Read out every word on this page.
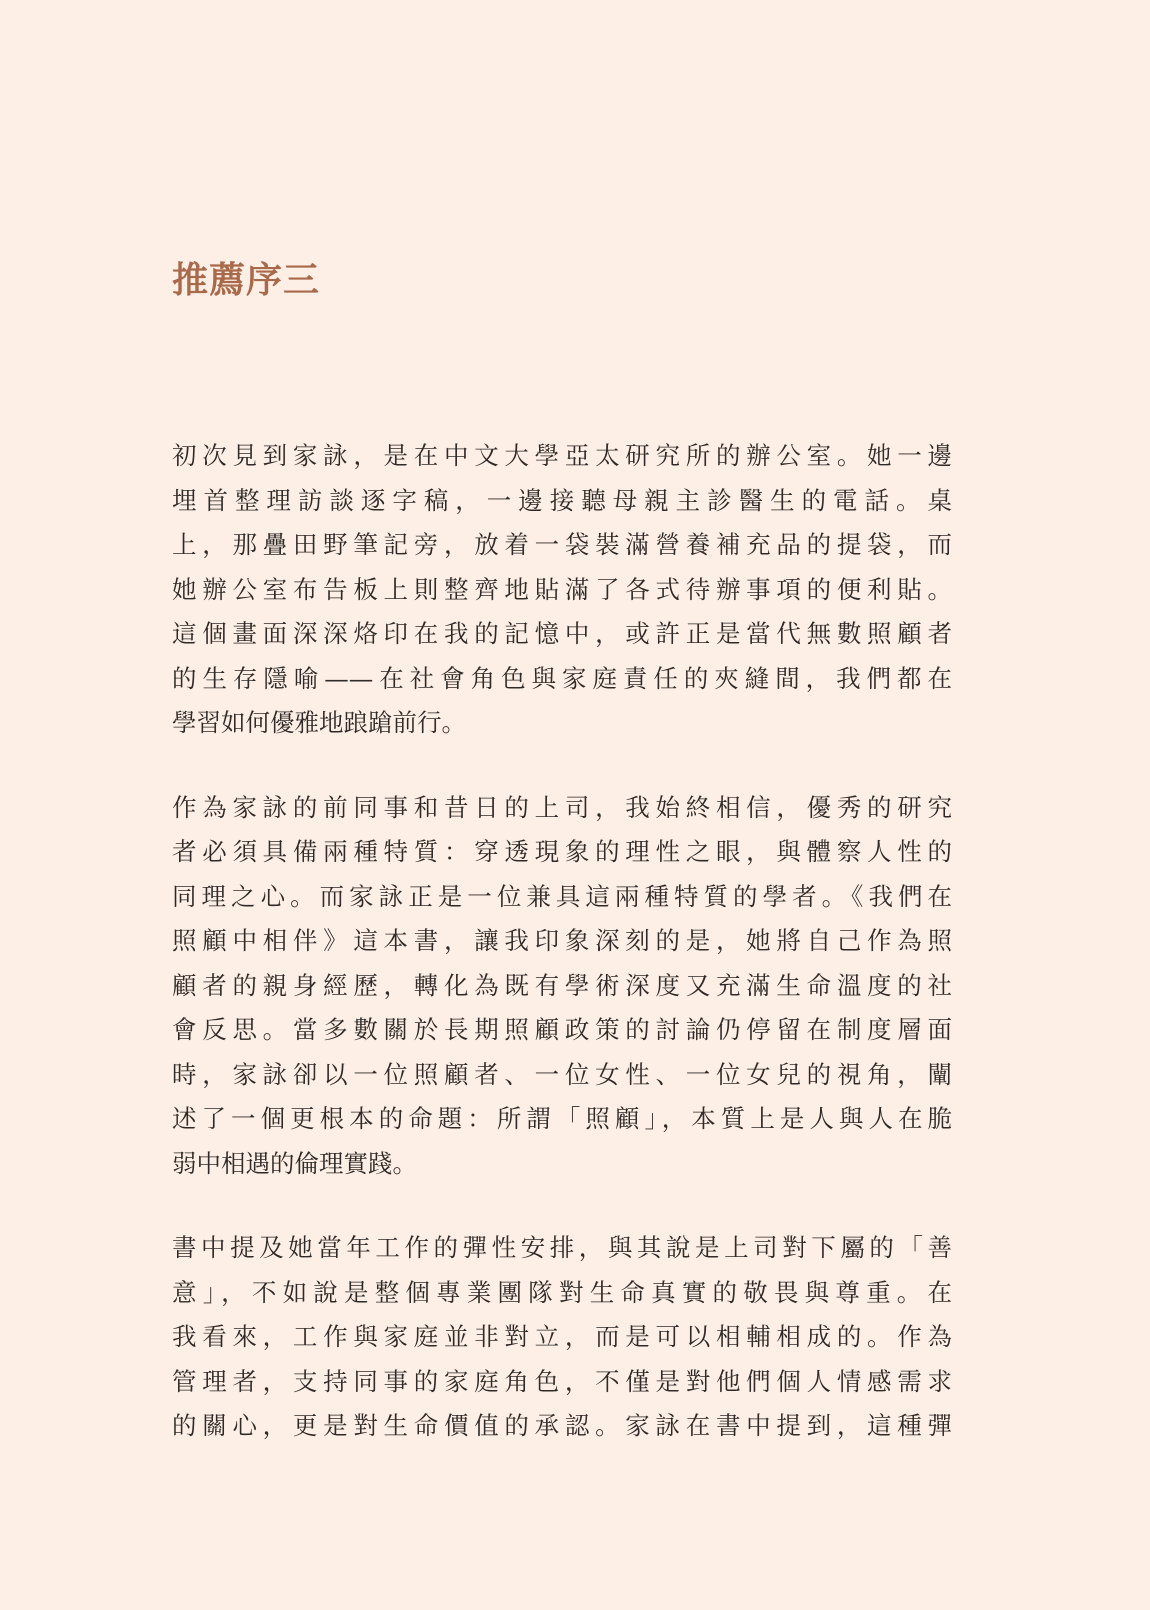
推薦序三

初次見到家詠，是在中文大學亞太研究所的辦公室。她一邊
埋首整理訪談逐字稿，一邊接聽母親主診醫生的電話。桌
上，那疊田野筆記旁，放着一袋裝滿營養補充品的提袋，而
她辦公室布告板上則整齊地貼滿了各式待辦事項的便利貼。
這個畫面深深烙印在我的記憶中，或許正是當代無數照顧者
的生存隱喻——在社會角色與家庭責任的夾縫間，我們都在
學習如何優雅地踉蹌前行。

作為家詠的前同事和昔日的上司，我始終相信，優秀的研究
者必須具備兩種特質：穿透現象的理性之眼，與體察人性的
同理之心。而家詠正是一位兼具這兩種特質的學者。《我們在
照顧中相伴》這本書，讓我印象深刻的是，她將自己作為照
顧者的親身經歷，轉化為既有學術深度又充滿生命溫度的社
會反思。當多數關於長期照顧政策的討論仍停留在制度層面
時，家詠卻以一位照顧者、一位女性、一位女兒的視角，闡
述了一個更根本的命題：所謂「照顧」，本質上是人與人在脆
弱中相遇的倫理實踐。

書中提及她當年工作的彈性安排，與其說是上司對下屬的「善
意」，不如說是整個專業團隊對生命真實的敬畏與尊重。在
我看來，工作與家庭並非對立，而是可以相輔相成的。作為
管理者，支持同事的家庭角色，不僅是對他們個人情感需求
的關心，更是對生命價值的承認。家詠在書中提到，這種彈
